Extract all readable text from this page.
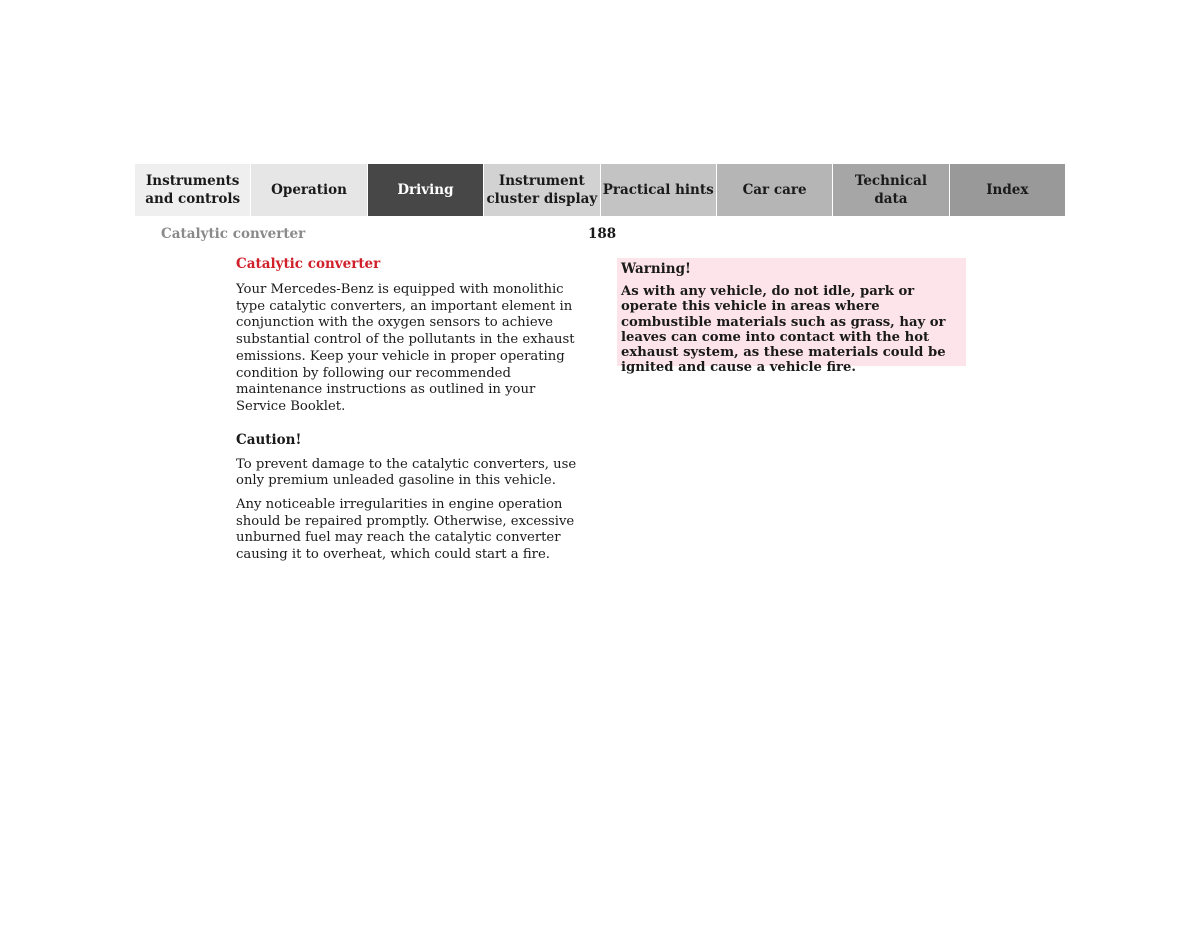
Instruments
and controls
Operation	Driving
Instrument
cluster display
Practical hints	Car care
Technical
data
Index
Catalytic converter	188
Catalytic converter

Your Mercedes-Benz is equipped with monolithic type catalytic converters, an important element in conjunction with the oxygen sensors to achieve substantial control of the pollutants in the exhaust emissions. Keep your vehicle in proper operating condition by following our recommended maintenance instructions as outlined in your Service Booklet.

Caution!

To prevent damage to the catalytic converters, use only premium unleaded gasoline in this vehicle.

Any noticeable irregularities in engine operation should be repaired promptly. Otherwise, excessive unburned fuel may reach the catalytic converter causing it to overheat, which could start a fire.

Warning!

As with any vehicle, do not idle, park or operate this vehicle in areas where combustible materials such as grass, hay or leaves can come into contact with the hot exhaust system, as these materials could be ignited and cause a vehicle fire.
